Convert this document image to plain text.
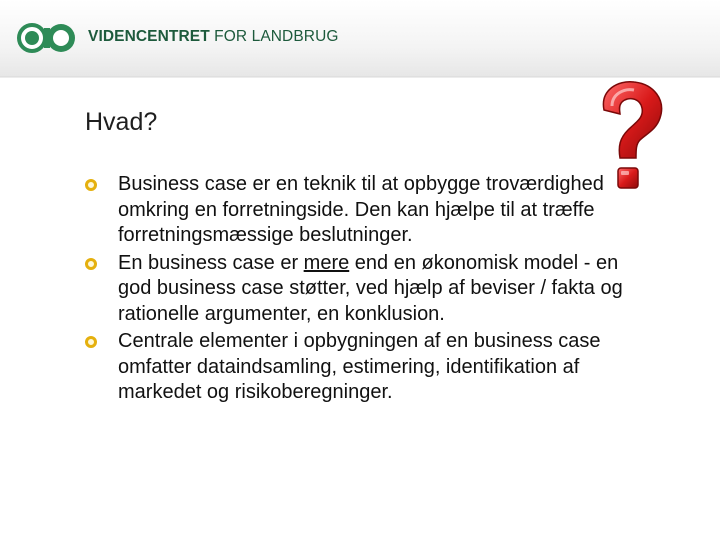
VIDENCENTRET FOR LANDBRUG
Hvad?
Business case er en teknik til at opbygge troværdighed omkring en forretningside. Den kan hjælpe til at træffe forretningsmæssige beslutninger.
En business case er mere end en økonomisk model - en god business case støtter, ved hjælp af beviser / fakta og rationelle argumenter, en konklusion.
Centrale elementer i opbygningen af en business case omfatter dataindsamling, estimering, identifikation af markedet og risikoberegninger.
